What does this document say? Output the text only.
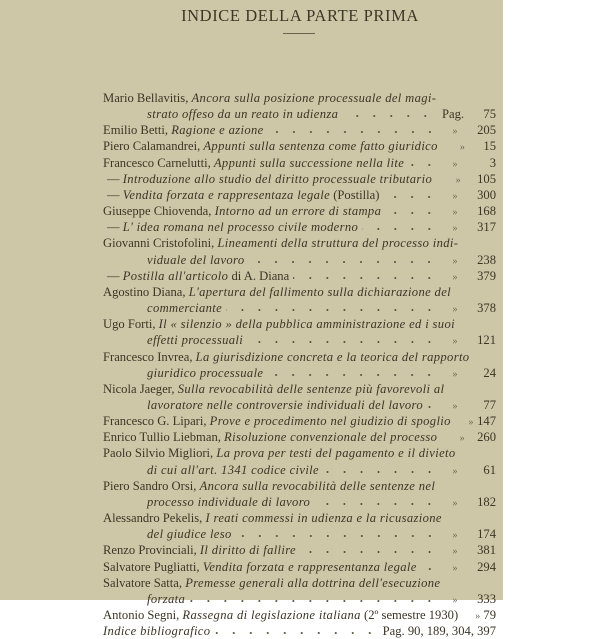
INDICE DELLA PARTE PRIMA
Mario Bellavitis, Ancora sulla posizione processuale del magi-
strato offeso da un reato in udienza	Pag.	75
Emilio Betti, Ragione e azione	»	205
Piero Calamandrei, Appunti sulla sentenza come fatto giuridico	»	15
Francesco Carnelutti, Appunti sulla successione nella lite	»	3
— Introduzione allo studio del diritto processuale tributario	»	105
— Vendita forzata e rappresentaza legale (Postilla)	»	300
Giuseppe Chiovenda, Intorno ad un errore di stampa	»	168
— L' idea romana nel processo civile moderno	»	317
Giovanni Cristofolini, Lineamenti della struttura del processo indi-
viduale del lavoro	»	238
— Postilla all'articolo di A. Diana	»	379
Agostino Diana, L'apertura del fallimento sulla dichiarazione del
commerciante	»	378
Ugo Forti, Il « silenzio » della pubblica amministrazione ed i suoi
effetti processuali	»	121
Francesco Invrea, La giurisdizione concreta e la teorica del rapporto
giuridico processuale	»	24
Nicola Jaeger, Sulla revocabilità delle sentenze più favorevoli al
lavoratore nelle controversie individuali del lavoro	»	77
Francesco G. Lipari, Prove e procedimento nel giudizio di spoglio	» 147
Enrico Tullio Liebman, Risoluzione convenzionale del processo	» 260
Paolo Silvio Migliori, La prova per testi del pagamento e il divieto
di cui all'art. 1341 codice civile	»	61
Piero Sandro Orsi, Ancora sulla revocabilità delle sentenze nel
processo individuale di lavoro	»	182
Alessandro Pekelis, I reati commessi in udienza e la ricusazione
del giudice leso	»	174
Renzo Provinciali, Il diritto di fallire	»	381
Salvatore Pugliatti, Vendita forzata e rappresentanza legale	»	294
Salvatore Satta, Premesse generali alla dottrina dell'esecuzione
forzata	»	333
Antonio Segni, Rassegna di legislazione italiana (2º semestre 1930)	» 79
Indice bibliografico	Pag. 90, 189, 304, 397
